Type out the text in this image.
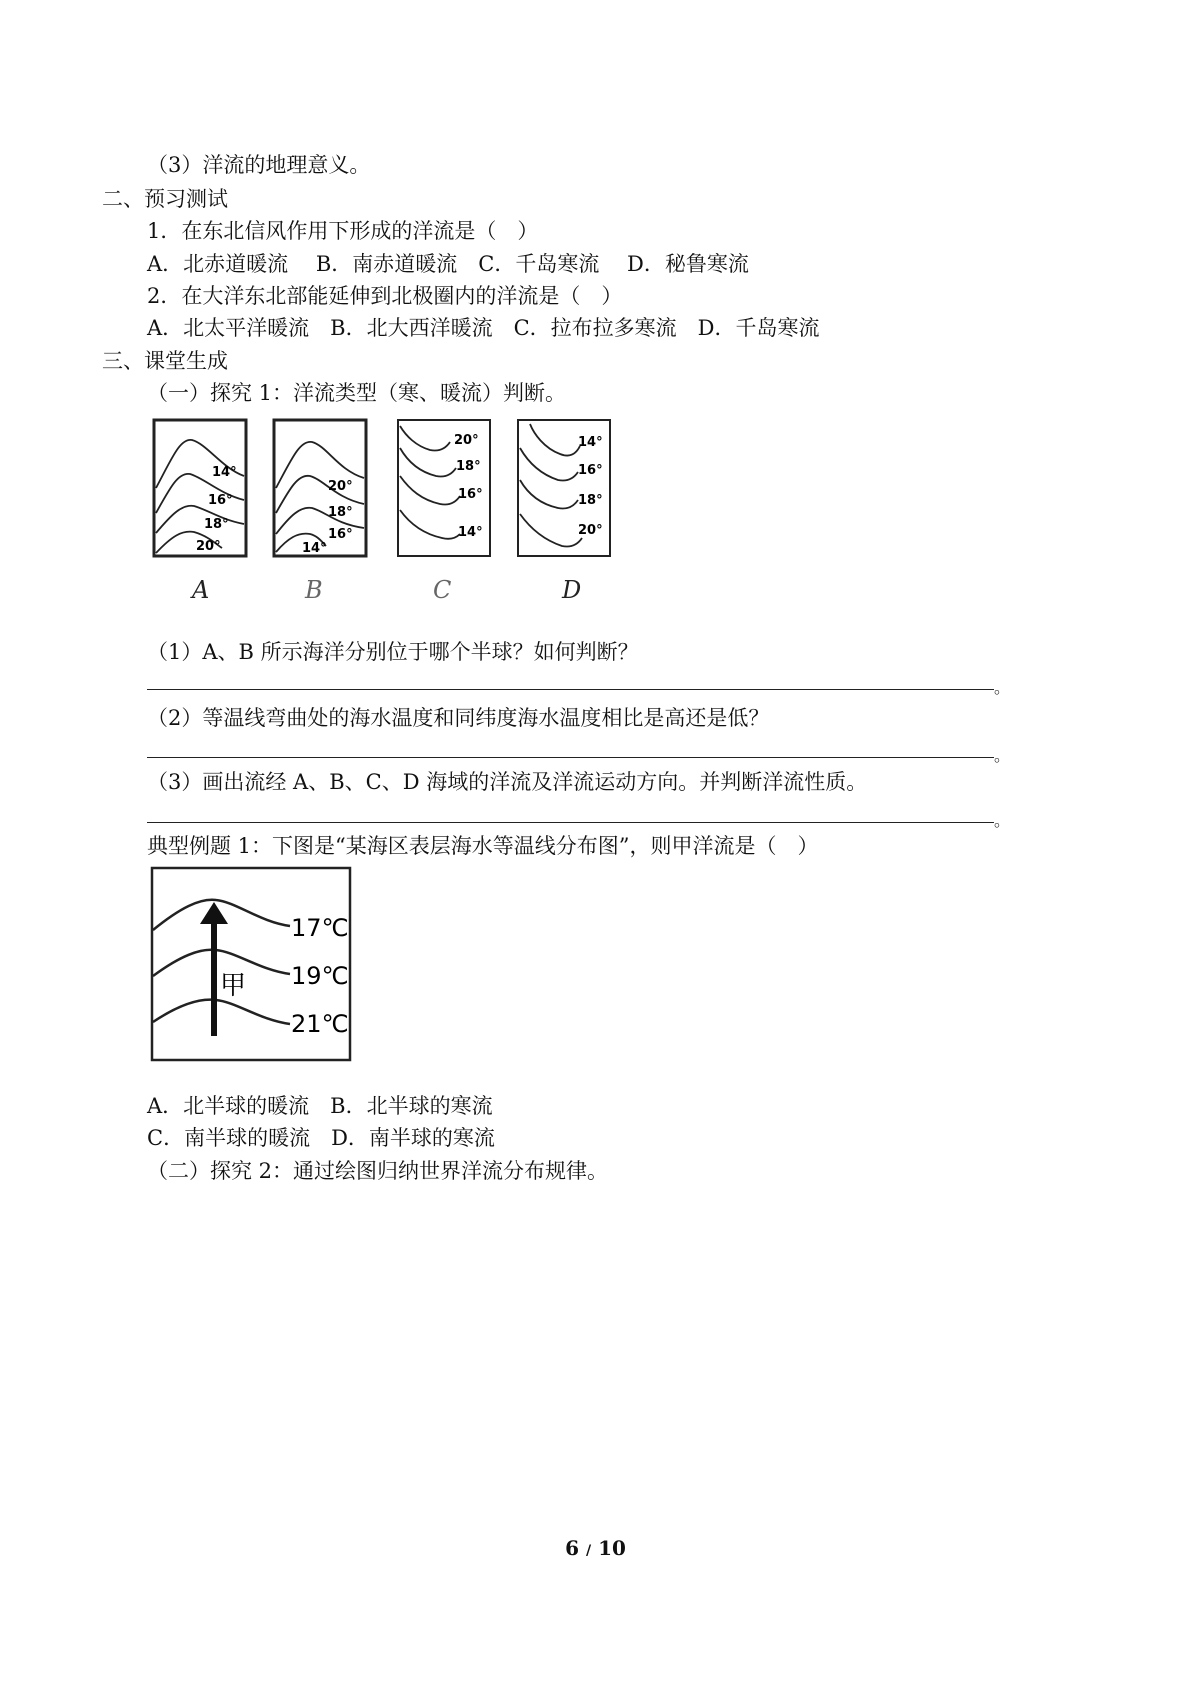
（3）洋流的地理意义。
二、预习测试
1．在东北信风作用下形成的洋流是（　）
A．北赤道暖流　 B．南赤道暖流　C．千岛寒流　 D．秘鲁寒流
2．在大洋东北部能延伸到北极圈内的洋流是（　）
A．北太平洋暖流　B．北大西洋暖流　C．拉布拉多寒流　D．千岛寒流
三、课堂生成
（一）探究 1：洋流类型（寒、暖流）判断。
14°
16°
18°
20°
20°
18°
16°
14°
20°
18°
16°
14°
14°
16°
18°
20°
A	B	C	D
（1）A、B 所示海洋分别位于哪个半球？如何判断？
。
（2）等温线弯曲处的海水温度和同纬度海水温度相比是高还是低？
。
（3）画出流经 A、B、C、D 海域的洋流及洋流运动方向。并判断洋流性质。
。
典型例题 1：下图是“某海区表层海水等温线分布图”，则甲洋流是（　）
17℃
19℃
21℃
甲
A．北半球的暖流　B．北半球的寒流
C．南半球的暖流　D．南半球的寒流
（二）探究 2：通过绘图归纳世界洋流分布规律。
6 / 10
